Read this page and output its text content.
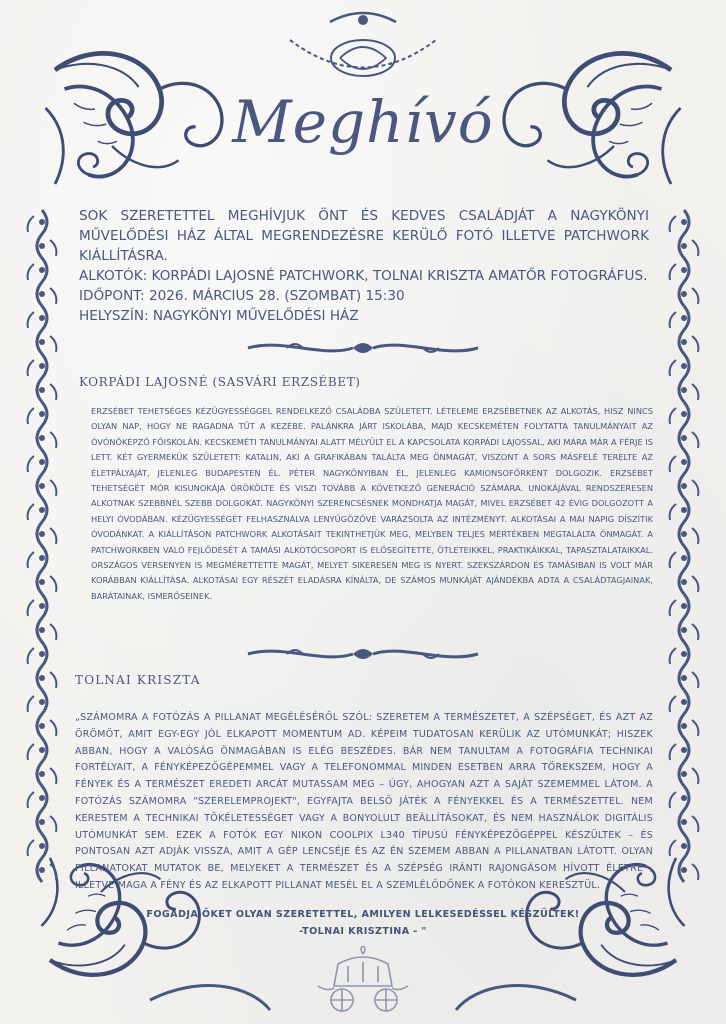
Meghívó

SOK SZERETETTEL MEGHÍVJUK ÖNT ÉS KEDVES CSALÁDJÁT A NAGYKÖNYI MŰVELŐDÉSI HÁZ ÁLTAL MEGRENDEZÉSRE KERÜLŐ FOTÓ ILLETVE PATCHWORK KIÁLLÍTÁSRA.

ALKOTÓK: KORPÁDI LAJOSNÉ PATCHWORK, TOLNAI KRISZTA AMATŐR FOTOGRÁFUS.

IDŐPONT: 2026. MÁRCIUS 28. (SZOMBAT) 15:30

HELYSZÍN: NAGYKÖNYI MŰVELŐDÉSI HÁZ

KORPÁDI LAJOSNÉ (SASVÁRI ERZSÉBET)
ERZSÉBET TEHETSÉGES KÉZÜGYESSÉGGEL RENDELKEZŐ CSALÁDBA SZÜLETETT. LÉTELEME ERZSÉBETNEK AZ ALKOTÁS, HISZ NINCS OLYAN NAP, HOGY NE RAGADNA TŰT A KEZÉBE. PALÁNKRA JÁRT ISKOLÁBA, MAJD KECSKEMÉTEN FOLYTATTA TANULMÁNYAIT AZ ÓVÓNŐKÉPZŐ FŐISKOLÁN. KECSKEMÉTI TANULMÁNYAI ALATT MÉLYÜLT EL A KAPCSOLATA KORPÁDI LAJOSSAL, AKI MÁRA MÁR A FÉRJE IS LETT. KÉT GYERMEKÜK SZÜLETETT: KATALIN, AKI A GRAFIKÁBAN TALÁLTA MEG ÖNMAGÁT, VISZONT A SORS MÁSFELÉ TERELTE AZ ÉLETPÁLYÁJÁT, JELENLEG BUDAPESTEN ÉL. PÉTER NAGYKÖNYIBAN ÉL, JELENLEG KAMIONSOFŐRKÉNT DOLGOZIK. ERZSÉBET TEHETSÉGÉT MÓR KISUNOKÁJA ÖRÖKÖLTE ÉS VISZI TOVÁBB A KÖVETKEZŐ GENERÁCIÓ SZÁMÁRA. UNOKÁJÁVAL RENDSZERESEN ALKOTNAK SZEBBNÉL SZEBB DOLGOKAT. NAGYKÖNYI SZERENCSÉSNEK MONDHATJA MAGÁT, MIVEL ERZSÉBET 42 ÉVIG DOLGOZOTT A HELYI ÓVODÁBAN. KÉZÜGYESSÉGÉT FELHASZNÁLVA LENYŰGÖZŐVÉ VARÁZSOLTA AZ INTÉZMÉNYT. ALKOTÁSAI A MAI NAPIG DÍSZÍTIK ÓVODÁNKAT. A KIÁLLÍTÁSON PATCHWORK ALKOTÁSAIT TEKINTHETJÜK MEG, MELYBEN TELJES MÉRTÉKBEN MEGTALÁLTA ÖNMAGÁT. A PATCHWORKBEN VALÓ FEJLŐDÉSÉT A TAMÁSI ALKOTÓCSOPORT IS ELŐSEGÍTETTE, ÖTLETEIKKEL, PRAKTIKÁIKKAL, TAPASZTALATAIKKAL. ORSZÁGOS VERSENYEN IS MEGMÉRETTETTE MAGÁT, MELYET SIKERESEN MEG IS NYERT. SZEKSZÁRDON ÉS TAMÁSIBAN IS VOLT MÁR KORÁBBAN KIÁLLÍTÁSA. ALKOTÁSAI EGY RÉSZÉT ELADÁSRA KÍNÁLTA, DE SZÁMOS MUNKÁJÁT AJÁNDÉKBA ADTA A CSALÁDTAGJAINAK, BARÁTAINAK, ISMERŐSEINEK.
TOLNAI KRISZTA
„SZÁMOMRA A FOTÓZÁS A PILLANAT MEGÉLÉSÉRŐL SZÓL: SZERETEM A TERMÉSZETET, A SZÉPSÉGET, ÉS AZT AZ ÖRÖMÖT, AMIT EGY-EGY JÓL ELKAPOTT MOMENTUM AD. KÉPEIM TUDATOSAN KERÜLIK AZ UTÓMUNKÁT; HISZEK ABBAN, HOGY A VALÓSÁG ÖNMAGÁBAN IS ELÉG BESZÉDES. BÁR NEM TANULTAM A FOTOGRÁFIA TECHNIKAI FORTÉLYAIT, A FÉNYKÉPEZŐGÉPEMMEL VAGY A TELEFONOMMAL MINDEN ESETBEN ARRA TÖREKSZEM, HOGY A FÉNYEK ÉS A TERMÉSZET EREDETI ARCÁT MUTASSAM MEG – ÚGY, AHOGYAN AZT A SAJÁT SZEMEMMEL LÁTOM. A FOTÓZÁS SZÁMOMRA "SZERELEMPROJEKT", EGYFAJTA BELSŐ JÁTÉK A FÉNYEKKEL ÉS A TERMÉSZETTEL. NEM KERESTEM A TECHNIKAI TÖKÉLETESSÉGET VAGY A BONYOLULT BEÁLLÍTÁSOKAT, ÉS NEM HASZNÁLOK DIGITÁLIS UTÓMUNKÁT SEM. EZEK A FOTÓK EGY NIKON COOLPIX L340 TÍPUSÚ FÉNYKÉPEZŐGÉPPEL KÉSZÜLTEK – ÉS PONTOSAN AZT ADJÁK VISSZA, AMIT A GÉP LENCSÉJE ÉS AZ ÉN SZEMEM ABBAN A PILLANATBAN LÁTOTT. OLYAN PILLANATOKAT MUTATOK BE, MELYEKET A TERMÉSZET ÉS A SZÉPSÉG IRÁNTI RAJONGÁSOM HÍVOTT ÉLETRE , ILLETVE MAGA A FÉNY ÉS AZ ELKAPOTT PILLANAT MESÉL EL A SZEMLÉLŐDŐNEK A FOTÓKON KERESZTÜL.
FOGADJA ŐKET OLYAN SZERETETTEL, AMILYEN LELKESEDÉSSEL KÉSZÜLTEK!
-TOLNAI KRISZTINA - "
